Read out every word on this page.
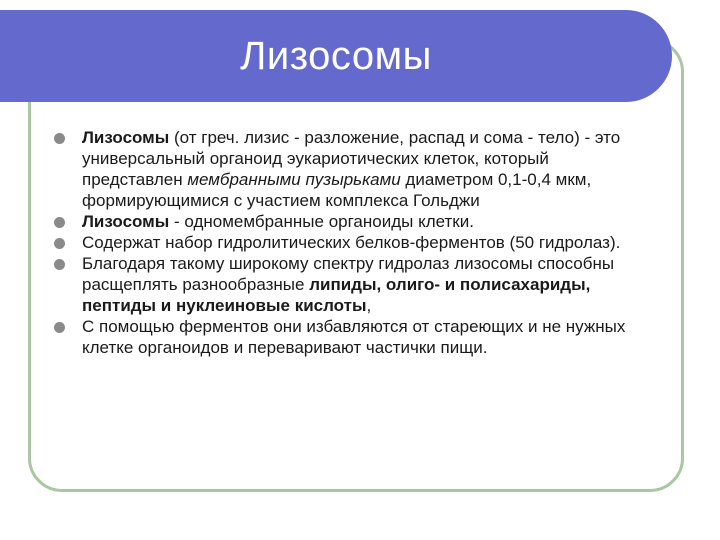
Лизосомы
Лизосомы (от греч. лизис - разложение, распад и сома - тело) - это универсальный органоид эукариотических клеток, который представлен мембранными пузырьками диаметром 0,1-0,4 мкм, формирующимися с участием комплекса Гольджи
Лизосомы - одномембранные органоиды клетки.
Содержат набор гидролитических белков-ферментов (50 гидролаз).
Благодаря такому широкому спектру гидролаз лизосомы способны расщеплять разнообразные липиды, олиго- и полисахариды, пептиды и нуклеиновые кислоты,
С помощью ферментов они избавляются от стареющих и не нужных клетке органоидов и переваривают частички пищи.
